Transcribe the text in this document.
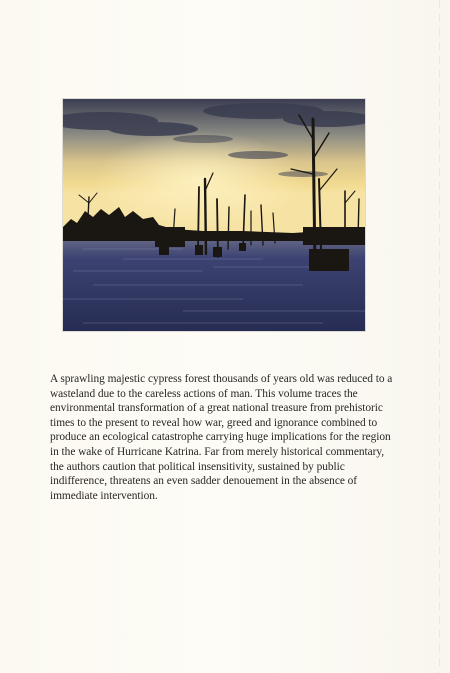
A sprawling majestic cypress forest thousands of years old was reduced to a wasteland due to the careless actions of man. This volume traces the environmental transformation of a great national treasure from prehistoric times to the present to reveal how war, greed and ignorance combined to produce an ecological catastrophe carrying huge implications for the region in the wake of Hurricane Katrina. Far from merely historical commentary, the authors caution that political insensitivity, sustained by public indifference, threatens an even sadder denouement in the absence of immediate intervention.
